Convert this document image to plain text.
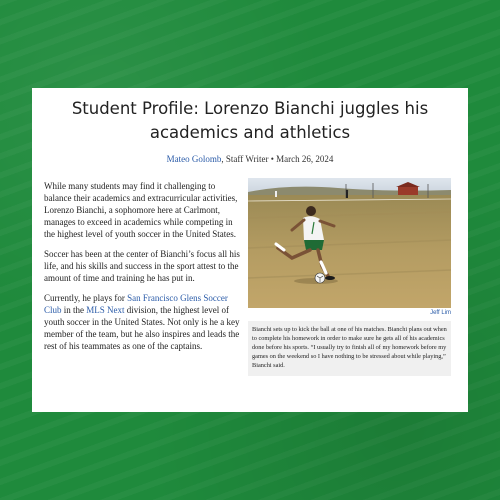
Student Profile: Lorenzo Bianchi juggles his academics and athletics
Mateo Golomb, Staff Writer • March 26, 2024

While many students may find it challenging to balance their academics and extracurricular activities, Lorenzo Bianchi, a sophomore here at Carlmont, manages to exceed in academics while competing in the highest level of youth soccer in the United States.

Soccer has been at the center of Bianchi’s focus all his life, and his skills and success in the sport attest to the amount of time and training he has put in.

Currently, he plays for San Francisco Glens Soccer Club in the MLS Next division, the highest level of youth soccer in the United States. Not only is he a key member of the team, but he also inspires and leads the rest of his teammates as one of the captains.

Jeff Lim
Bianchi sets up to kick the ball at one of his matches. Bianchi plans out when to complete his homework in order to make sure he gets all of his academics done before his sports. “I usually try to finish all of my homework before my games on the weekend so I have nothing to be stressed about while playing,” Bianchi said.
